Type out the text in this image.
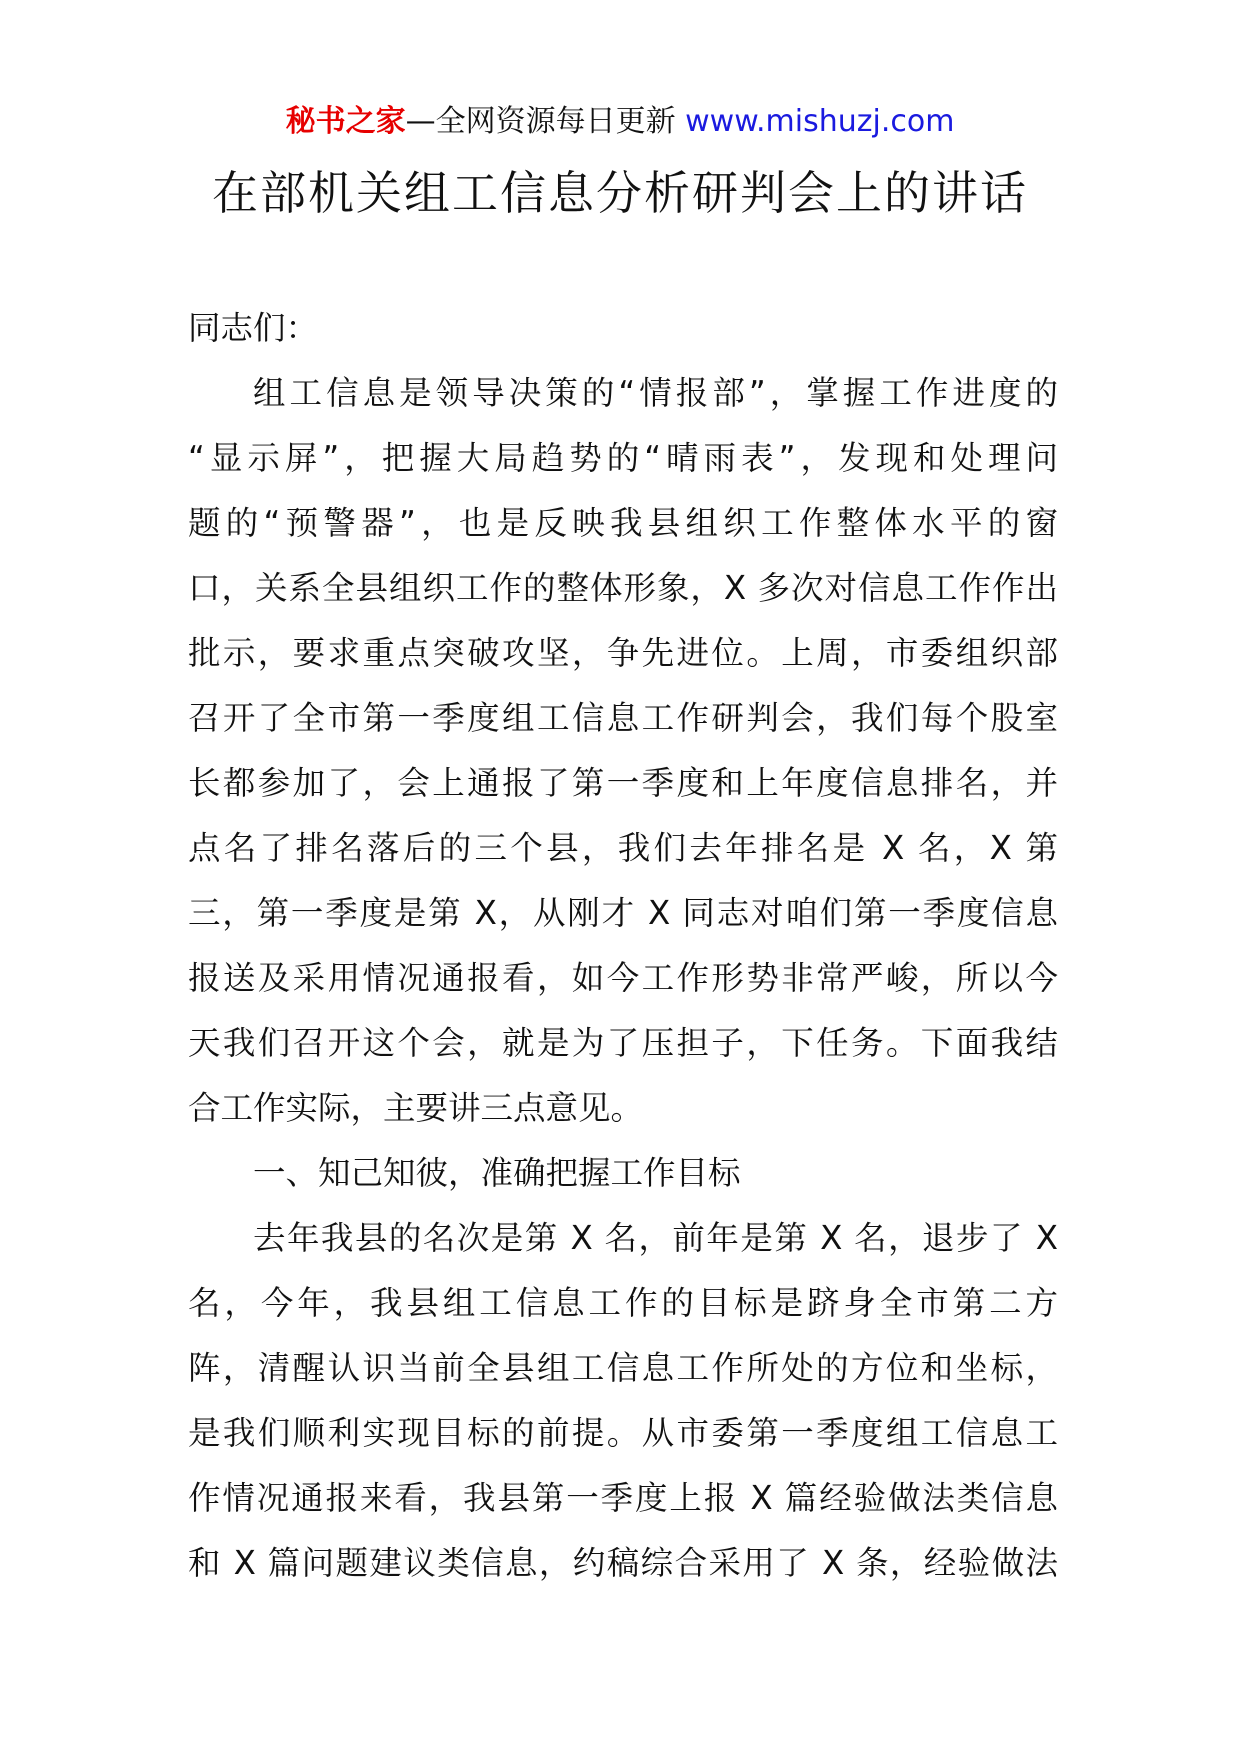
秘书之家—全网资源每日更新 www.mishuzj.com
在部机关组工信息分析研判会上的讲话
同志们：
组工信息是领导决策的“情报部”，掌握工作进度的
“显示屏”，把握大局趋势的“晴雨表”，发现和处理问
题的“预警器”，也是反映我县组织工作整体水平的窗
口，关系全县组织工作的整体形象，X 多次对信息工作作出
批示，要求重点突破攻坚，争先进位。上周，市委组织部
召开了全市第一季度组工信息工作研判会，我们每个股室
长都参加了，会上通报了第一季度和上年度信息排名，并
点名了排名落后的三个县，我们去年排名是 X 名，X 第
三，第一季度是第 X，从刚才 X 同志对咱们第一季度信息
报送及采用情况通报看，如今工作形势非常严峻，所以今
天我们召开这个会，就是为了压担子，下任务。下面我结
合工作实际，主要讲三点意见。
一、知己知彼，准确把握工作目标
去年我县的名次是第 X 名，前年是第 X 名，退步了 X
名，今年，我县组工信息工作的目标是跻身全市第二方
阵，清醒认识当前全县组工信息工作所处的方位和坐标，
是我们顺利实现目标的前提。从市委第一季度组工信息工
作情况通报来看，我县第一季度上报 X 篇经验做法类信息
和 X 篇问题建议类信息，约稿综合采用了 X 条，经验做法
